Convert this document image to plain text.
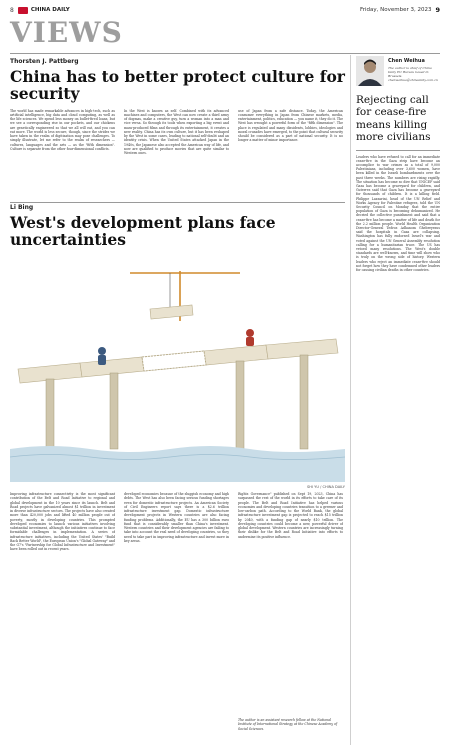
8	CHINA DAILY	Friday, November 3, 2023 9
VIEWS
Thorsten J. Pattberg
China has to better protect culture for security

The world has made remarkable advances in high-tech, such as artificial intelligence, big data and cloud computing, as well as the life sciences. We spend less money on bullet-fired loans, but we see a corresponding rise in our pockets, and our chickens are genetically engineered so that we all will eat, and you can eat more. The world is less secure, though, since the strides we have taken in the realm of digitization may pose challenges. To simply illustrate, let me refer to the realm of researchers — cultures, languages and the arts — as the "fifth dimension". Culture is separate from the other four-dimensional conflicts.

In the West is known as self. Combined with its advanced machines and computers, the West can now create a third army of dogmas, make a creative guy, turn a woman into a man and vice versa. So through its tools when exporting a big event and mass-produced films and through its entertainment, it creates a new reality. China has its own culture, but it has been reshaped by the West in some cases, leading to national self-doubt and an identity crisis. When the United States attacked Japan in the 1940s, the Japanese also accepted the American way of life, and now are qualified to produce movies that are quite similar to Western ones.

use of Japan from a safe distance. Today, the American consumer everything in Japan from Chinese markets, media, entertainment, politics, education — you name it, they do it. The West has wrought a powerful form of the "fifth dimension". The place is regulated and many dissidents, lobbies, ideologies and moral crusades have emerged, to the point that cultural security should be considered as a part of national security. It is no longer a matter of minor importance.

Li Bing
West's development plans face uncertainties
SHI YU / CHINA DAILY

Improving infrastructure connectivity is the most significant contribution of the Belt and Road Initiative to regional and global development in the 10 years since its launch. Belt and Road projects have galvanized almost $1 trillion in investment in diverse infrastructure sectors. The projects have also created more than 420,000 jobs and lifted 40 million people out of poverty, mostly in developing countries. This prompted developed economies to launch various initiatives involving substantial investment, although the initiatives continue to face formidable challenges in implementation. A series of infrastructure initiatives, including the United States' "Build Back Better World", the European Union's "Global Gateway" and the G7's "Partnership for Global Infrastructure and Investment" have been rolled out in recent years.

developed economies because of the sluggish economy and high debts. The West has also been facing serious funding shortages even for domestic infrastructure projects. An American Society of Civil Engineers report says there is a $2.6 trillion infrastructure investment gap. Domestic infrastructure development projects in Western countries are also facing funding problems. Additionally, the EU has a 300 billion euro fund that is considerably smaller than China's investment. Western countries and their development agencies are failing to take into account the real need of developing countries, so they need to take part in improving infrastructure and invest more in key areas.

Rights Governance" published on Sept 19, 2023, China has surpassed the rest of the world in its efforts to take care of its people. The Belt and Road Initiative has helped various economies and developing countries transition to a greener and low-carbon path. According to the World Bank, the global infrastructure investment gap is projected to reach $15 trillion by 2040, with a funding gap of nearly $10 trillion. The developing countries could become a new, powerful driver of global development. Western countries are increasingly turning their dislike for the Belt and Road Initiative into efforts to undermine its positive influence.

The author is an assistant research fellow at the National Institute of International Strategy at the Chinese Academy of Social Sciences.

Chen Weihua
The author is chief of China Daily EU Bureau based in Brussels. chenweihua@chinadaily.com.cn
Rejecting call for cease-fire means killing more civilians

Leaders who have refused to call for an immediate cease-fire in the Gaza strip have become an accomplice to war crimes as a total of 9,000 Palestinians, including over 3,600 women, have been killed in the Israeli bombardments over the past three weeks. The numbers are rising rapidly. The situation has become so dire that UNICEF said Gaza has become a graveyard for children, and Guterres said that Gaza has become a graveyard for thousands of children. It is a killing field. Philippe Lazzarini, head of the UN Relief and Works Agency for Palestine refugees, told the UN Security Council on Monday that the entire population of Gaza is becoming dehumanized. He decried the collective punishment and said that a cease-fire has become a matter of life and death for the 2.2 million people. World Health Organization Director-General Tedros Adhanom Ghebreyesus said the hospitals in Gaza are collapsing. Washington has fully endorsed Israel's war and voted against the UN General Assembly resolution calling for a humanitarian truce. The US has vetoed many resolutions. The West's double standards are well-known, and time will show who is truly on the wrong side of history. Western leaders who reject an immediate cease-fire should not forget how they have condemned other leaders for causing civilian deaths in other countries.
